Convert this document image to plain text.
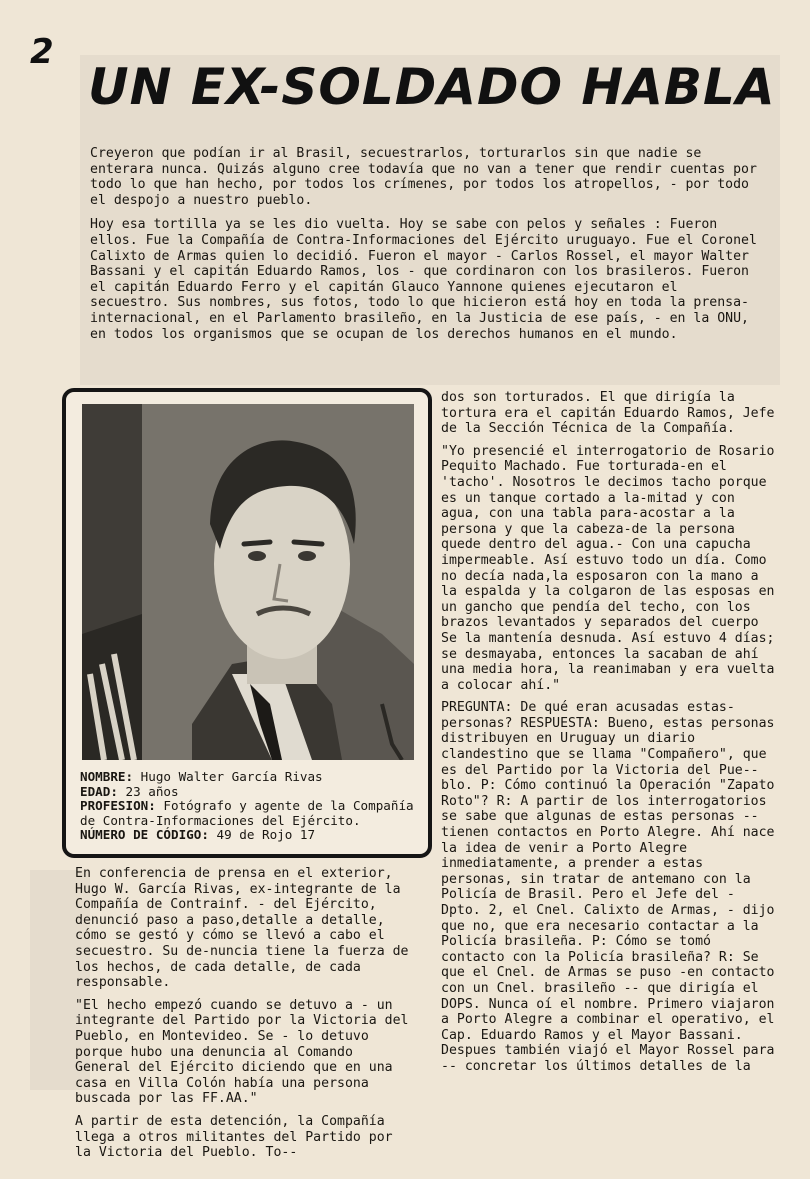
2
UN EX-SOLDADO HABLA

Creyeron que podían ir al Brasil, secuestrarlos, torturarlos sin que nadie se enterara nunca. Quizás alguno cree todavía que no van a tener que rendir cuentas por todo lo que han hecho, por todos los crímenes, por todos los atropellos, - por todo el despojo a nuestro pueblo.

Hoy esa tortilla ya se les dio vuelta. Hoy se sabe con pelos y señales : Fueron ellos. Fue la Compañía de Contra-Informaciones del Ejército uruguayo. Fue el Coronel Calixto de Armas quien lo decidió. Fueron el mayor - Carlos Rossel, el mayor Walter Bassani y el capitán Eduardo Ramos, los - que cordinaron con los brasileros. Fueron el capitán Eduardo Ferro y el capitán Glauco Yannone quienes ejecutaron el secuestro. Sus nombres, sus fotos, todo lo que hicieron está hoy en toda la prensa-internacional, en el Parlamento brasileño, en la Justicia de ese país, - en la ONU, en todos los organismos que se ocupan de los derechos humanos en el mundo.

NOMBRE: Hugo Walter García Rivas
EDAD: 23 años
PROFESION: Fotógrafo y agente de la Compañía de Contra-Informaciones del Ejército.
NÚMERO DE CÓDIGO: 49 de Rojo 17

En conferencia de prensa en el exterior, Hugo W. García Rivas, ex-integrante de la Compañía de Contrainf. - del Ejército, denunció paso a paso,detalle a detalle, cómo se gestó y cómo se llevó a cabo el secuestro. Su de-nuncia tiene la fuerza de los hechos, de cada detalle, de cada responsable.

"El hecho empezó cuando se detuvo a - un integrante del Partido por la Victoria del Pueblo, en Montevideo. Se - lo detuvo porque hubo una denuncia al Comando General del Ejército diciendo que en una casa en Villa Colón había una persona buscada por las FF.AA."

A partir de esta detención, la Compañía llega a otros militantes del Partido por la Victoria del Pueblo. To--

dos son torturados. El que dirigía la tortura era el capitán Eduardo Ramos, Jefe de la Sección Técnica de la Compañía.

"Yo presencié el interrogatorio de Rosario Pequito Machado. Fue torturada-en el 'tacho'. Nosotros le decimos tacho porque es un tanque cortado a la-mitad y con agua, con una tabla para-acostar a la persona y que la cabeza-de la persona quede dentro del agua.- Con una capucha impermeable. Así estuvo todo un día. Como no decía nada,la esposaron con la mano a la espalda y la colgaron de las esposas en un gancho que pendía del techo, con los brazos levantados y separados del cuerpo Se la mantenía desnuda. Así estuvo 4 días; se desmayaba, entonces la sacaban de ahí una media hora, la reanimaban y era vuelta a colocar ahí."

PREGUNTA: De qué eran acusadas estas-personas? RESPUESTA: Bueno, estas personas distribuyen en Uruguay un diario clandestino que se llama "Compañero", que es del Partido por la Victoria del Pue--blo. P: Cómo continuó la Operación "Zapato Roto"? R: A partir de los interrogatorios se sabe que algunas de estas personas -- tienen contactos en Porto Alegre. Ahí nace la idea de venir a Porto Alegre inmediatamente, a prender a estas personas, sin tratar de antemano con la Policía de Brasil. Pero el Jefe del - Dpto. 2, el Cnel. Calixto de Armas, - dijo que no, que era necesario contactar a la Policía brasileña. P: Cómo se tomó contacto con la Policía brasileña? R: Se que el Cnel. de Armas se puso -en contacto con un Cnel. brasileño -- que dirigía el DOPS. Nunca oí el nombre. Primero viajaron a Porto Alegre a combinar el operativo, el Cap. Eduardo Ramos y el Mayor Bassani. Despues también viajó el Mayor Rossel para -- concretar los últimos detalles de la
